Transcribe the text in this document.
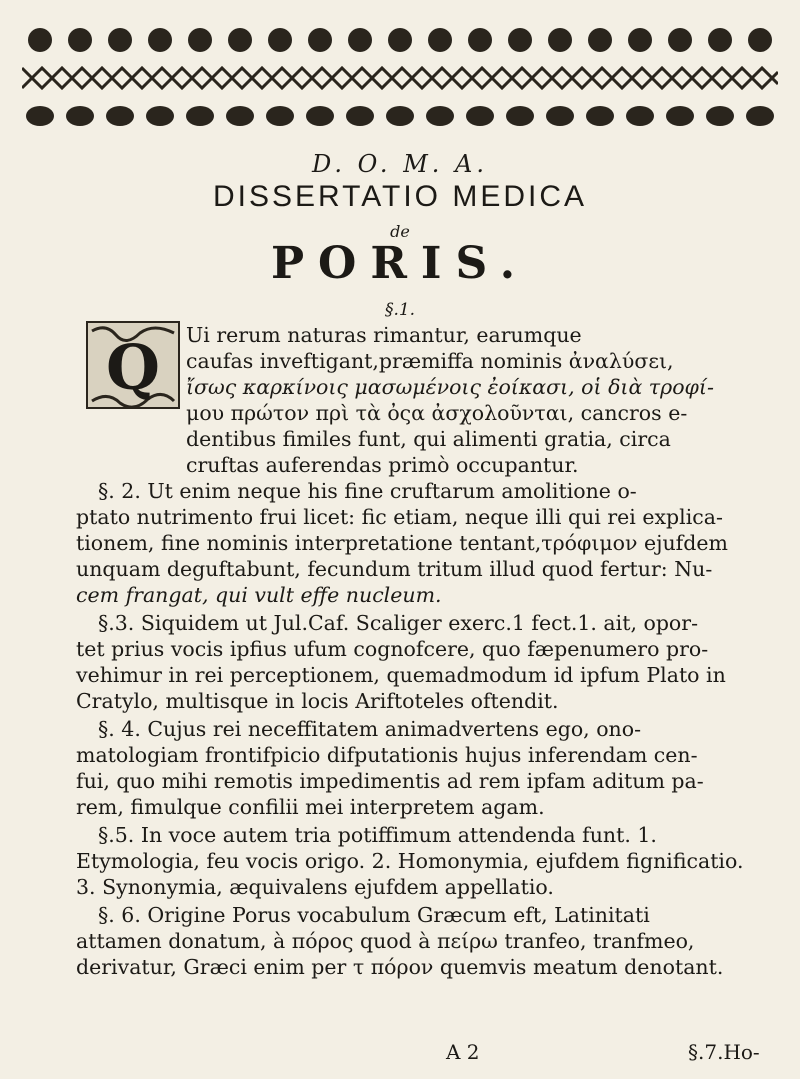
D. O. M. A.
DISSERTATIO MEDICA
de
PORIS.
§.1.
Q Ui rerum naturas rimantur, earumque
caufas inveftigant,præmiffa nominis ἀναλύσει,
ἴσως καρκίνοις μασωμένοις ἐοίκασι, οἱ διὰ τροφί-
μου πρώτον πρὶ τὰ ὀςα ἀσχολοῦνται, cancros e-
dentibus fimiles funt, qui alimenti gratia, circa
cruftas auferendas primò occupantur.
§. 2. Ut enim neque his fine cruftarum amolitione o-
ptato nutrimento frui licet: fic etiam, neque illi qui rei explica-
tionem, fine nominis interpretatione tentant,τρόφιμον ejufdem
unquam deguftabunt, fecundum tritum illud quod fertur: Nu-
cem frangat, qui vult effe nucleum.
§.3. Siquidem ut Jul.Caf. Scaliger exerc.1 fect.1. ait, opor-
tet prius vocis ipfius ufum cognofcere, quo fæpenumero pro-
vehimur in rei perceptionem, quemadmodum id ipfum Plato in
Cratylo, multisque in locis Ariftoteles oftendit.
§. 4. Cujus rei neceffitatem animadvertens ego, ono-
matologiam frontifpicio difputationis hujus inferendam cen-
fui, quo mihi remotis impedimentis ad rem ipfam aditum pa-
rem, fimulque confilii mei interpretem agam.
§.5. In voce autem tria potiffimum attendenda funt. 1.
Etymologia, feu vocis origo. 2. Homonymia, ejufdem fignificatio.
3. Synonymia, æquivalens ejufdem appellatio.
§. 6. Origine Porus vocabulum Græcum eft, Latinitati
attamen donatum, à πόρος quod à πείρω tranfeo, tranfmeo,
derivatur, Græci enim per τ πόρον quemvis meatum denotant.
A 2	§.7.Ho-
